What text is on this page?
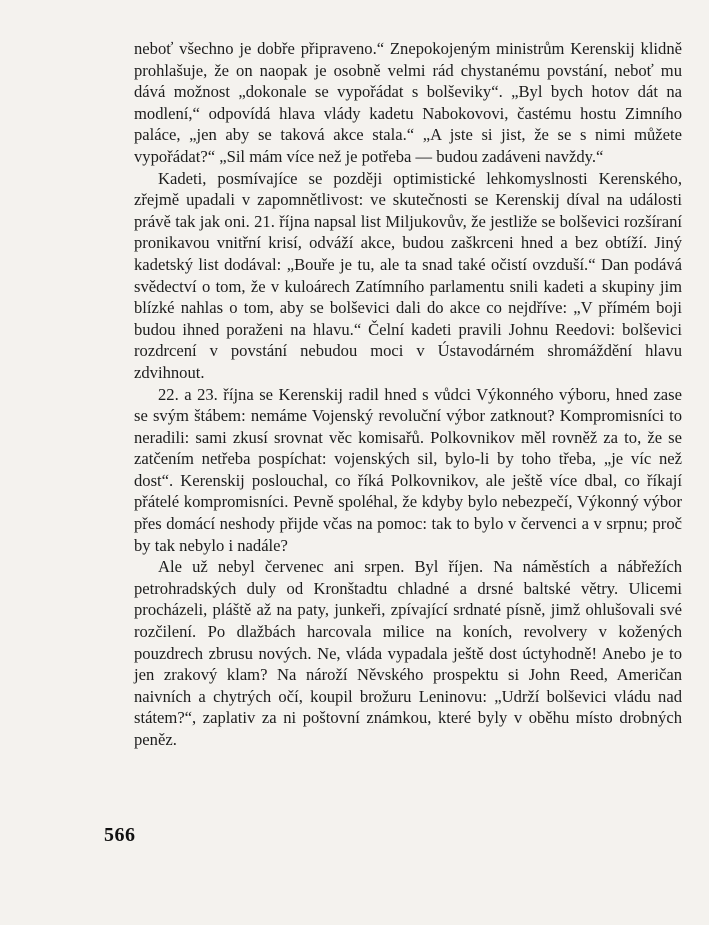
neboť všechno je dobře připraveno.“ Znepokojeným ministrům Kerenskij klidně prohlašuje, že on naopak je osobně velmi rád chystanému povstání, neboť mu dává možnost „dokonale se vypořádat s bolševiky“. „Byl bych hotov dát na modlení,“ odpovídá hlava vlády kadetu Nabokovovi, častému hostu Zimního paláce, „jen aby se taková akce stala.“ „A jste si jist, že se s nimi můžete vypořádat?“ „Sil mám více než je potřeba — budou zadáveni navždy.“

Kadeti, posmívajíce se později optimistické lehkomyslnosti Kerenského, zřejmě upadali v zapomnětlivost: ve skutečnosti se Kerenskij díval na události právě tak jak oni. 21. října napsal list Miljukovův, že jestliže se bolševici rozšíraní pronikavou vnitřní krisí, odváží akce, budou zaškrceni hned a bez obtíží. Jiný kadetský list dodával: „Bouře je tu, ale ta snad také očistí ovzduší.“ Dan podává svědectví o tom, že v kuloárech Zatímního parlamentu snili kadeti a skupiny jim blízké nahlas o tom, aby se bolševici dali do akce co nejdříve: „V přímém boji budou ihned poraženi na hlavu.“ Čelní kadeti pravili Johnu Reedovi: bolševici rozdrcení v povstání nebudou moci v Ústavodárném shromáždění hlavu zdvihnout.

22. a 23. října se Kerenskij radil hned s vůdci Výkonného výboru, hned zase se svým štábem: nemáme Vojenský revoluční výbor zatknout? Kompromisníci to neradili: sami zkusí srovnat věc komisařů. Polkovnikov měl rovněž za to, že se zatčením netřeba pospíchat: vojenských sil, bylo-li by toho třeba, „je víc než dost“. Kerenskij poslouchal, co říká Polkovnikov, ale ještě více dbal, co říkají přátelé kompromisníci. Pevně spoléhal, že kdyby bylo nebezpečí, Výkonný výbor přes domácí neshody přijde včas na pomoc: tak to bylo v červenci a v srpnu; proč by tak nebylo i nadále?

Ale už nebyl červenec ani srpen. Byl říjen. Na náměstích a nábřežích petrohradských duly od Kronštadtu chladné a drsné baltské větry. Ulicemi procházeli, pláště až na paty, junkeři, zpívající srdnaté písně, jimž ohlušovali své rozčilení. Po dlažbách harcovala milice na koních, revolvery v kožených pouzdrech zbrusu nových. Ne, vláda vypadala ještě dost úctyhodně! Anebo je to jen zrakový klam? Na nároží Něvského prospektu si John Reed, Američan naivních a chytrých očí, koupil brožuru Leninovu: „Udrží bolševici vládu nad státem?“, zaplativ za ni poštovní známkou, které byly v oběhu místo drobných peněz.

566
